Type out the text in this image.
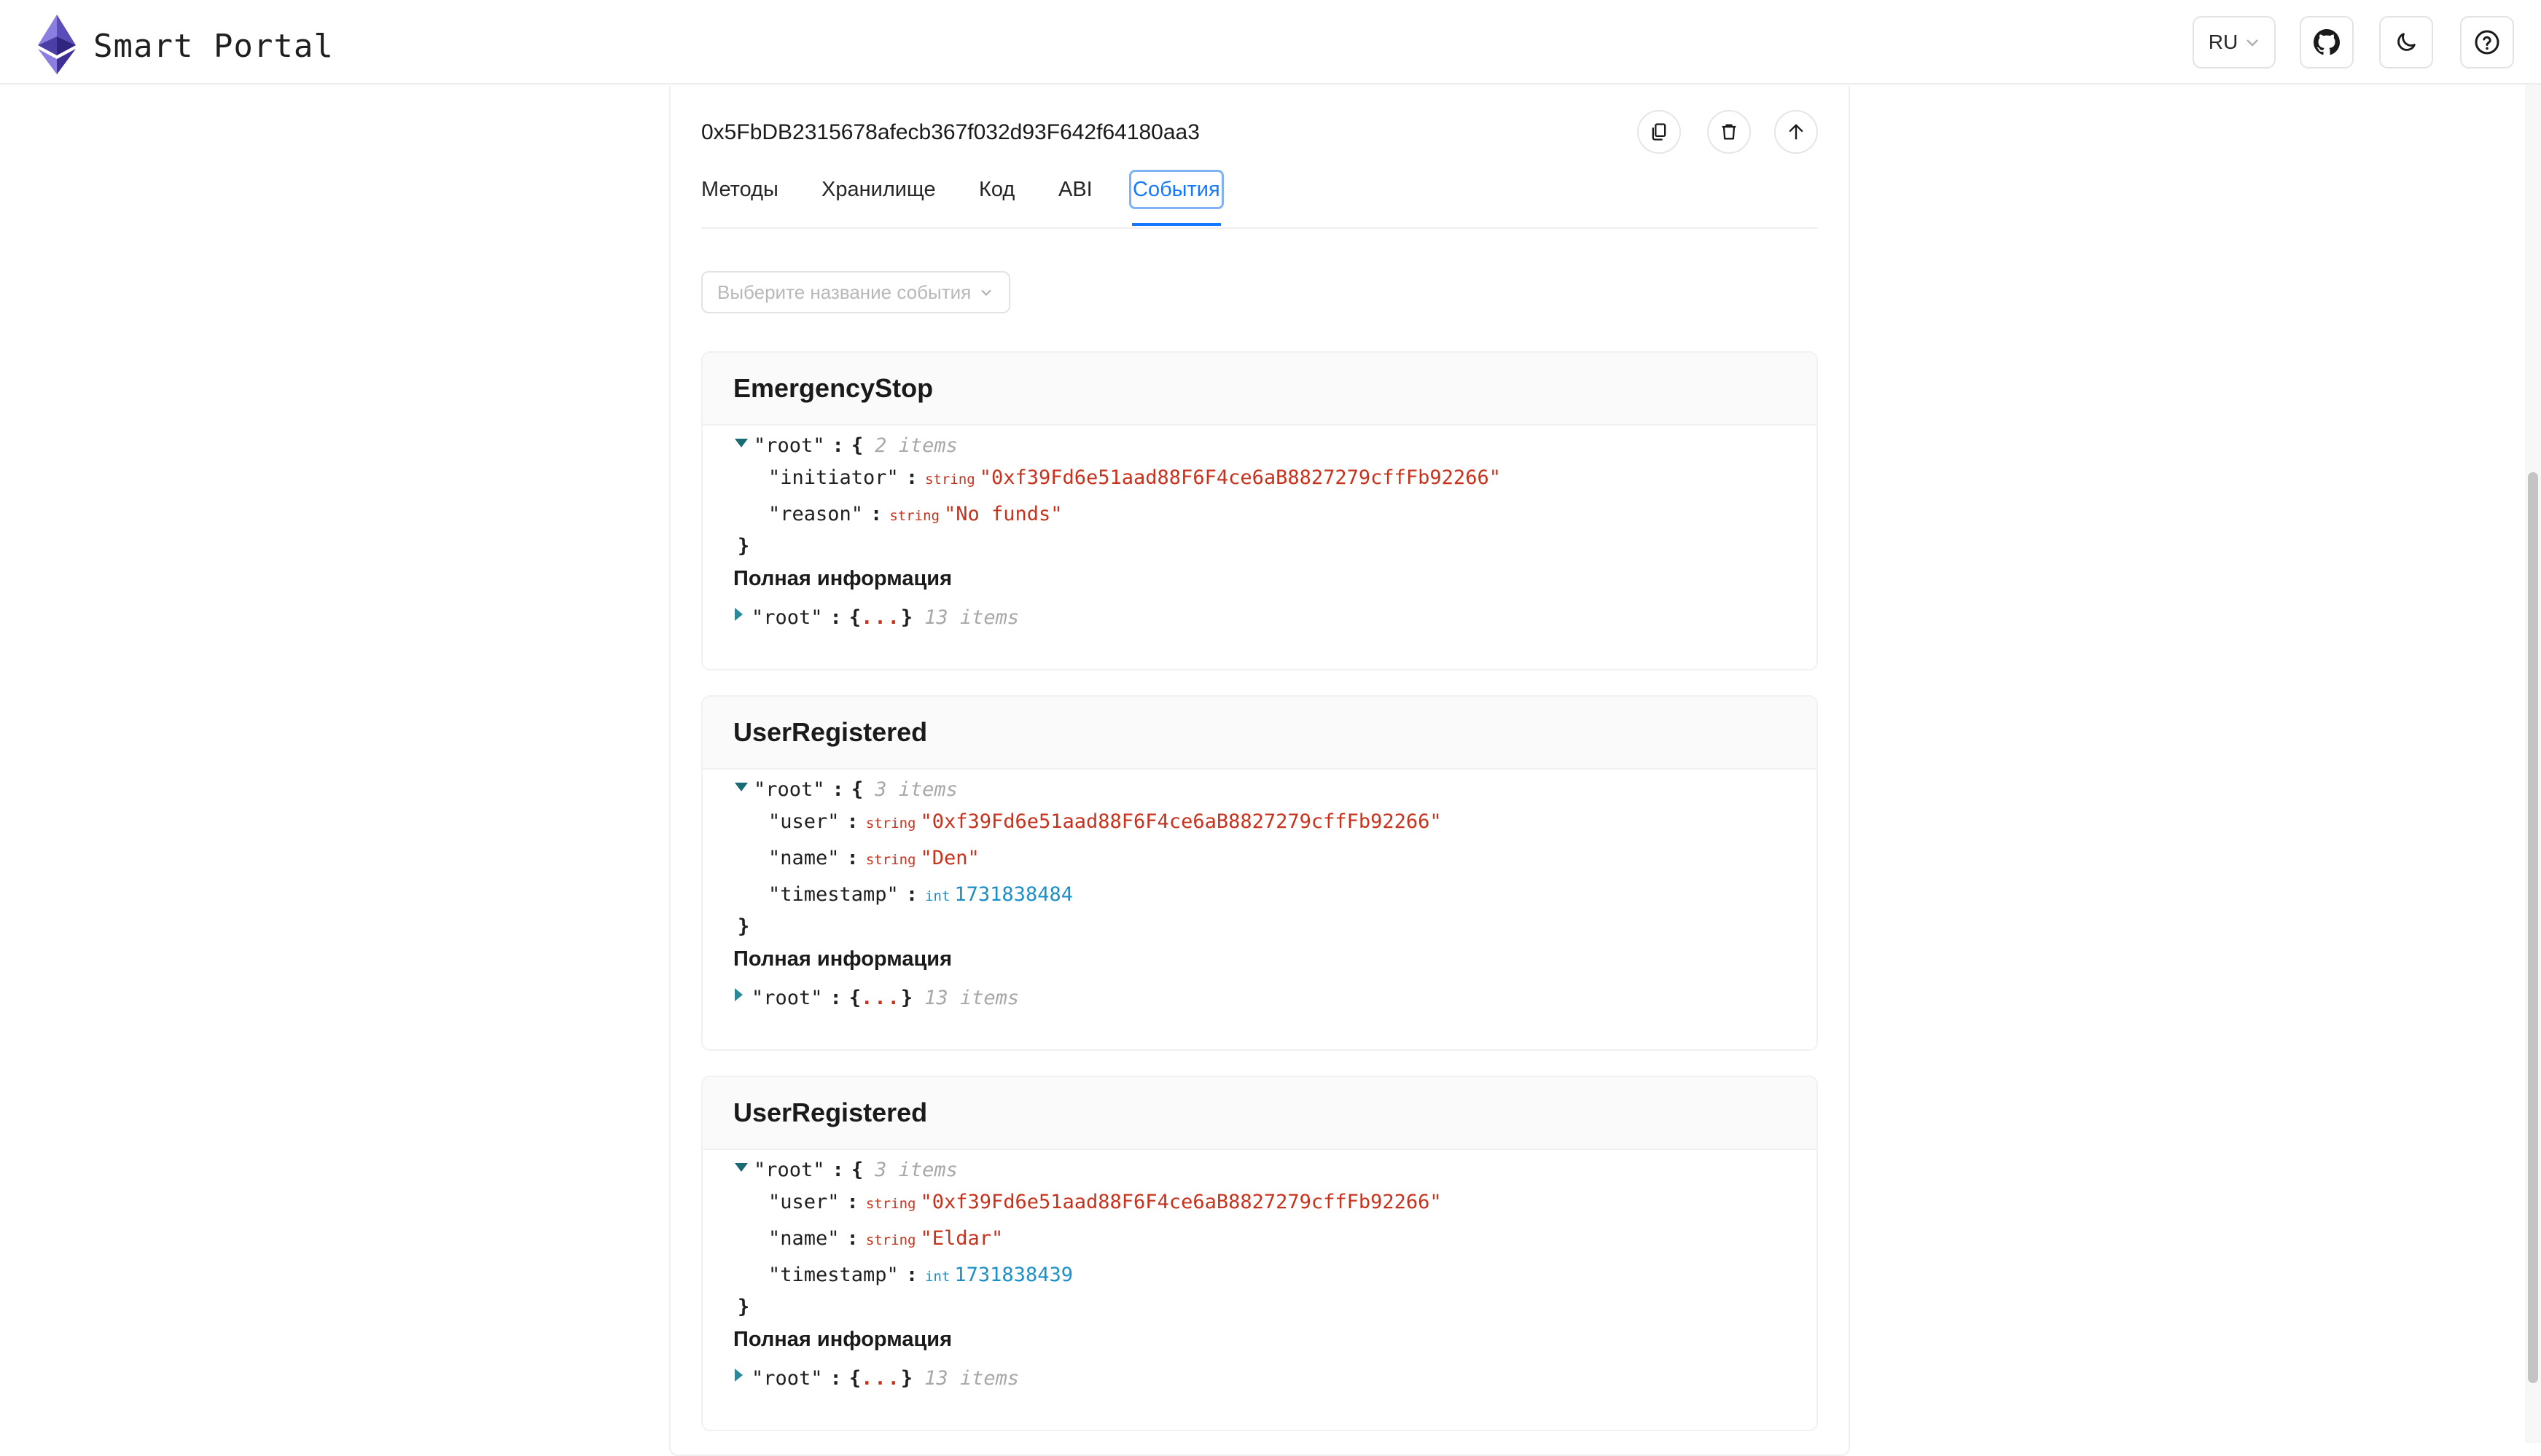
Smart Portal	RU
0x5FbDB2315678afecb367f032d93F642f64180aa3
Методы Хранилище Код ABI События
Выберите название события
EmergencyStop
"root" : { 2 items
"initiator" : string "0xf39Fd6e51aad88F6F4ce6aB8827279cffFb92266"
"reason" : string "No funds"
}
Полная информация
"root" : {...} 13 items
UserRegistered
"root" : { 3 items
"user" : string "0xf39Fd6e51aad88F6F4ce6aB8827279cffFb92266"
"name" : string "Den"
"timestamp" : int 1731838484
}
Полная информация
"root" : {...} 13 items
UserRegistered
"root" : { 3 items
"user" : string "0xf39Fd6e51aad88F6F4ce6aB8827279cffFb92266"
"name" : string "Eldar"
"timestamp" : int 1731838439
}
Полная информация
"root" : {...} 13 items
